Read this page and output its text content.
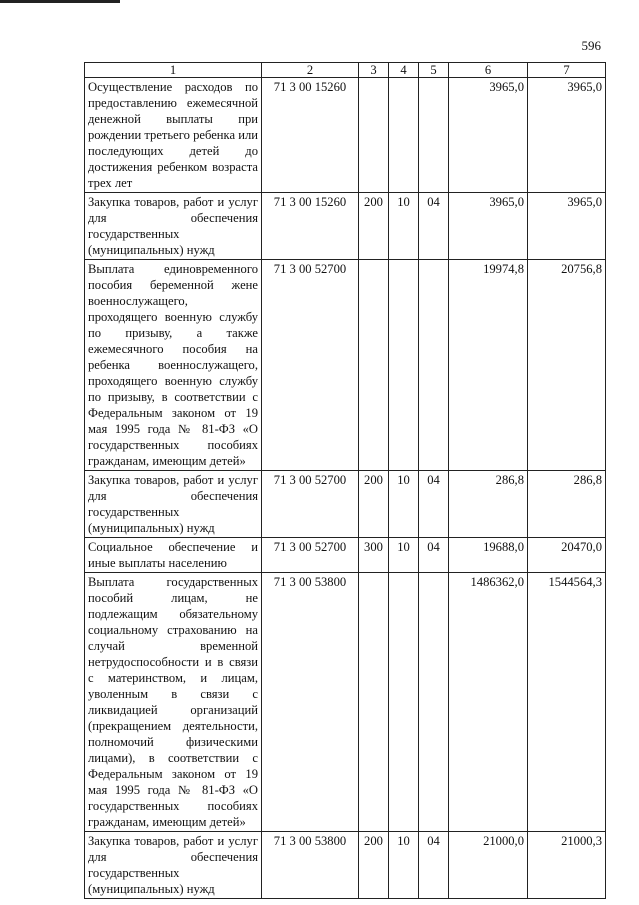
596
1	2	3	4	5	6	7
Осуществление расходов по предоставлению ежемесячной денежной выплаты при рождении третьего ребенка или последующих детей до достижения ребенком возраста трех лет	71 3 00 15260				3965,0	3965,0
Закупка товаров, работ и услуг для обеспечения государственных (муниципальных) нужд	71 3 00 15260	200	10	04	3965,0	3965,0
Выплата единовременного пособия беременной жене военнослужащего, проходящего военную службу по призыву, а также ежемесячного пособия на ребенка военнослужащего, проходящего военную службу по призыву, в соответствии с Федеральным законом от 19 мая 1995 года № 81-ФЗ «О государственных пособиях гражданам, имеющим детей»	71 3 00 52700				19974,8	20756,8
Закупка товаров, работ и услуг для обеспечения государственных (муниципальных) нужд	71 3 00 52700	200	10	04	286,8	286,8
Социальное обеспечение и иные выплаты населению	71 3 00 52700	300	10	04	19688,0	20470,0
Выплата государственных пособий лицам, не подлежащим обязательному социальному страхованию на случай временной нетрудоспособности и в связи с материнством, и лицам, уволенным в связи с ликвидацией организаций (прекращением деятельности, полномочий физическими лицами), в соответствии с Федеральным законом от 19 мая 1995 года № 81-ФЗ «О государственных пособиях гражданам, имеющим детей»	71 3 00 53800				1486362,0	1544564,3
Закупка товаров, работ и услуг для обеспечения государственных (муниципальных) нужд	71 3 00 53800	200	10	04	21000,0	21000,3
